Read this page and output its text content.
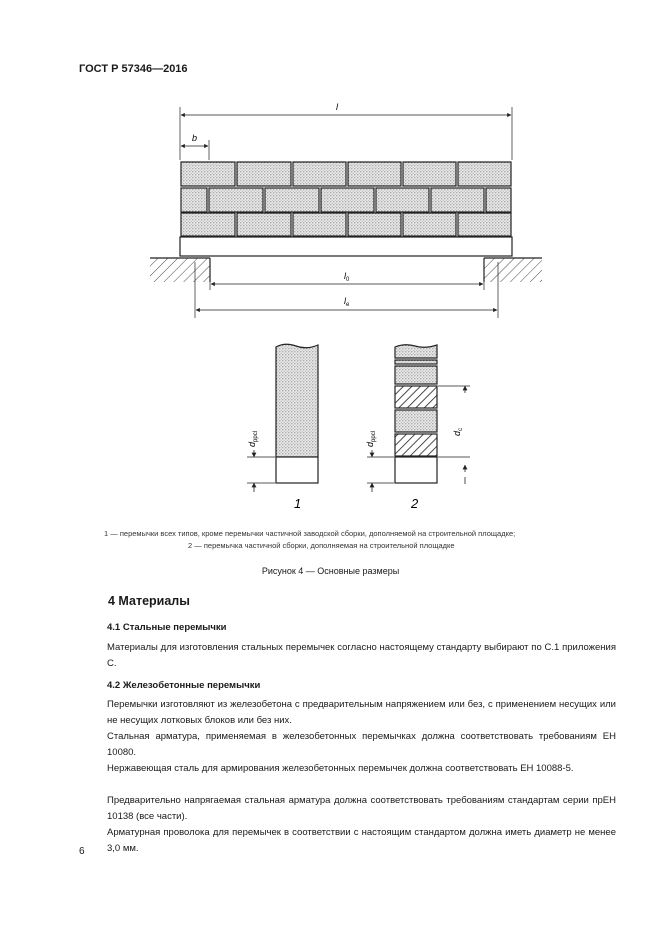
ГОСТ Р 57346—2016
l
b
$l_0$
$l_e$
$d_{ppcl}$
$d_{ppcl}$	$d_c$
1	2
1 — перемычки всех типов, кроме перемычки частичной заводской сборки, дополняемой на строительной площадке;
2 — перемычка частичной сборки, дополняемая на строительной площадке
Рисунок 4 — Основные размеры
4 Материалы
4.1 Стальные перемычки
Материалы для изготовления стальных перемычек согласно настоящему стандарту выбирают по С.1 приложения С.
4.2 Железобетонные перемычки
Перемычки изготовляют из железобетона с предварительным напряжением или без, с применением несущих или не несущих лотковых блоков или без них.
Стальная арматура, применяемая в железобетонных перемычках должна соответствовать требованиям ЕН 10080.
Нержавеющая сталь для армирования железобетонных перемычек должна соответствовать ЕН 10088-5.
Предварительно напрягаемая стальная арматура должна соответствовать требованиям стандартам серии прЕН 10138 (все части).
Арматурная проволока для перемычек в соответствии с настоящим стандартом должна иметь диаметр не менее 3,0 мм.
6
